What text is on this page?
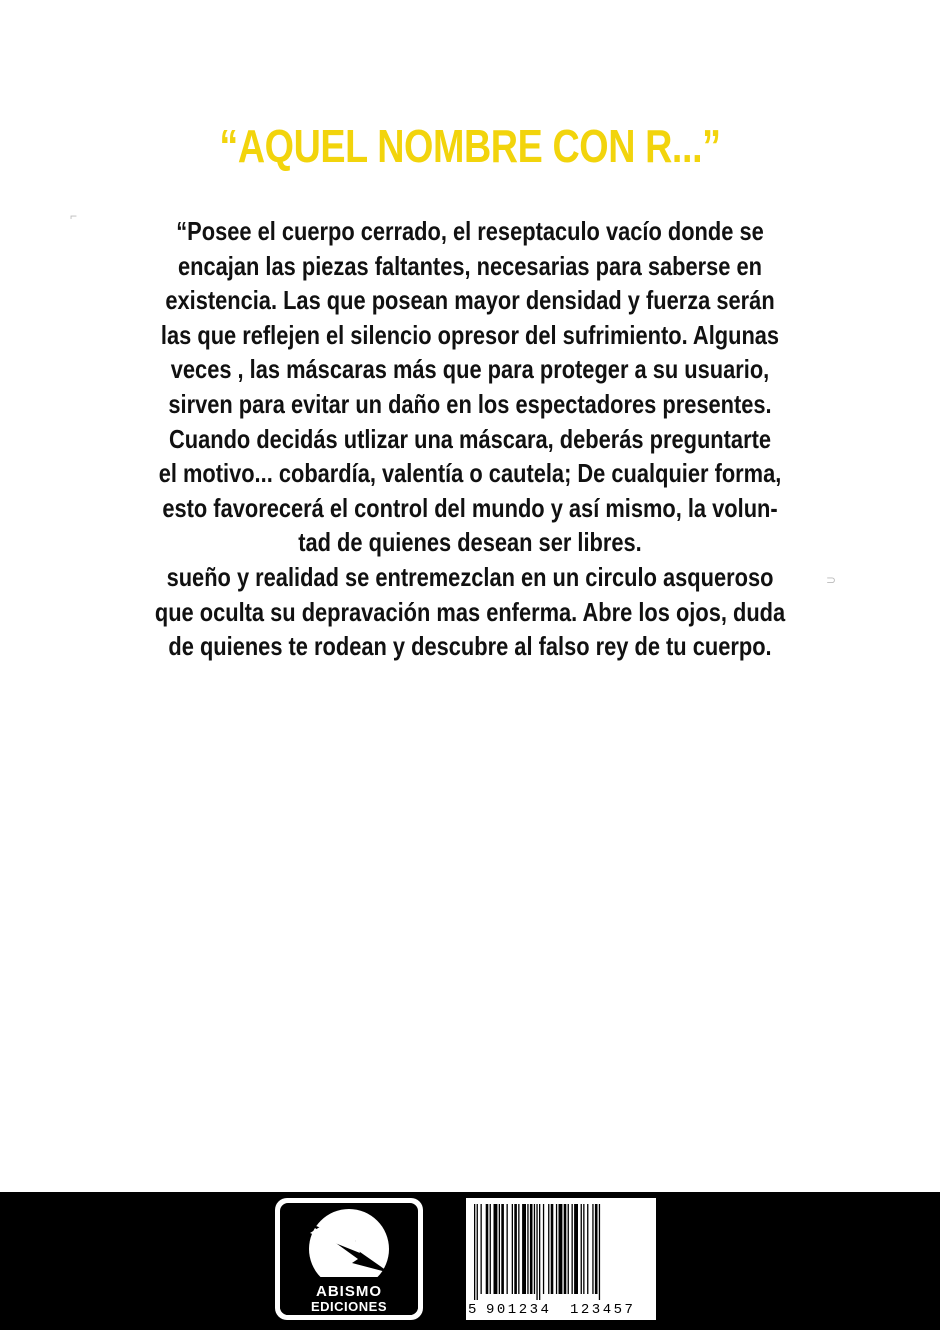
⌐
“AQUEL NOMBRE CON R...”
“Posee el cuerpo cerrado, el reseptaculo vacío donde se
encajan las piezas faltantes, necesarias para saberse en
existencia. Las que posean mayor densidad y fuerza serán
las que reflejen el silencio opresor del sufrimiento. Algunas
veces , las máscaras más que para proteger a su usuario,
sirven para evitar un daño en los espectadores presentes.
Cuando decidás utlizar una máscara, deberás preguntarte
el motivo... cobardía, valentía o cautela; De cualquier forma,
esto favorecerá el control del mundo y así mismo, la volun-
tad de quienes desean ser libres.
sueño y realidad se entremezclan en un circulo asqueroso
que oculta su depravación mas enferma. Abre los ojos, duda
de quienes te rodean y descubre al falso rey de tu cuerpo.
⊃
ABISMO
EDICIONES	5 901234 123457
